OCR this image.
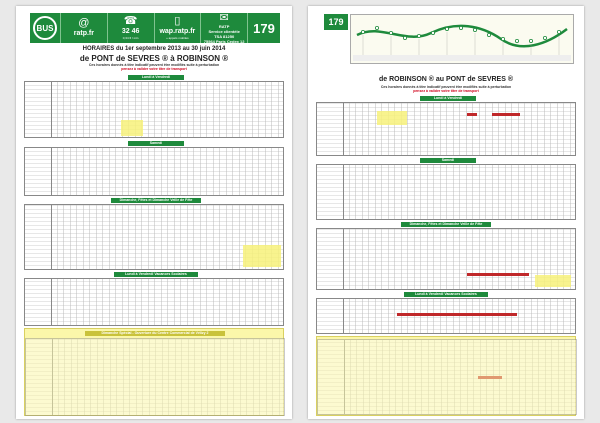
BUS	@
ratp.fr
☎
32 46
0,34 € / min
▯
wap.ratp.fr
+ appels mobiles
✉
RATP
Service clientèle
TSA 81250
75564 Paris Cedex 12
179
HORAIRES du 1er septembre 2013 au 30 juin 2014
de PONT de SEVRES ® à ROBINSON ®
Ces horaires donnés à titre indicatif peuvent être modifiés suite à perturbation
pensez à valider votre titre de transport
Lundi à Vendredi
Samedi
Dimanche, Fêtes et Dimanche Veille de Fête
Lundi à Vendredi Vacances Scolaires
Dimanche Spécial - Ouverture du Centre Commercial de Vélizy 2
179
de ROBINSON ® au PONT de SEVRES ®
Ces horaires donnés à titre indicatif peuvent être modifiés suite à perturbation
pensez à valider votre titre de transport
Lundi à Vendredi
Samedi
Dimanche, Fêtes et Dimanche Veille de Fête
Lundi à Vendredi Vacances Scolaires
